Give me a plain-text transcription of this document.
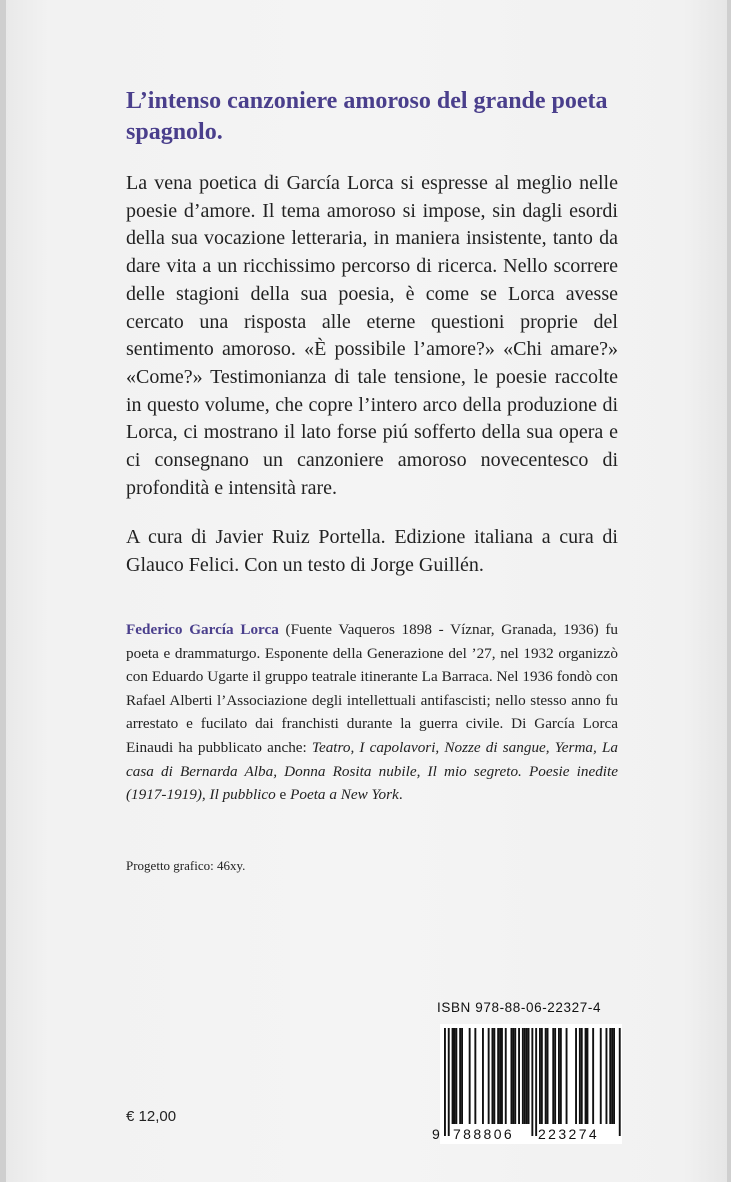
L’intenso canzoniere amoroso del grande poeta spagnolo.

La vena poetica di García Lorca si espresse al meglio nelle poesie d’amore. Il tema amoroso si impose, sin dagli esordi della sua vocazione letteraria, in maniera insistente, tanto da dare vita a un ricchissimo percorso di ricerca. Nello scorrere delle stagioni della sua poesia, è come se Lorca avesse cercato una risposta alle eterne questioni proprie del sentimento amoroso. «È possibile l’amore?» «Chi amare?» «Come?» Testimonianza di tale tensione, le poesie raccolte in questo volume, che copre l’intero arco della produzione di Lorca, ci mostrano il lato forse piú sofferto della sua opera e ci consegnano un canzoniere amoroso novecentesco di profondità e intensità rare.

A cura di Javier Ruiz Portella. Edizione italiana a cura di Glauco Felici. Con un testo di Jorge Guillén.

Federico García Lorca (Fuente Vaqueros 1898 - Víznar, Granada, 1936) fu poeta e drammaturgo. Esponente della Generazione del ’27, nel 1932 organizzò con Eduardo Ugarte il gruppo teatrale itinerante La Barraca. Nel 1936 fondò con Rafael Alberti l’Associazione degli intellettuali antifascisti; nello stesso anno fu arrestato e fucilato dai franchisti durante la guerra civile. Di García Lorca Einaudi ha pubblicato anche: Teatro, I capolavori, Nozze di sangue, Yerma, La casa di Bernarda Alba, Donna Rosita nubile, Il mio segreto. Poesie inedite (1917-1919), Il pubblico e Poeta a New York.
Progetto grafico: 46xy.
ISBN 978-88-06-22327-4
9 788806 223274
€ 12,00
